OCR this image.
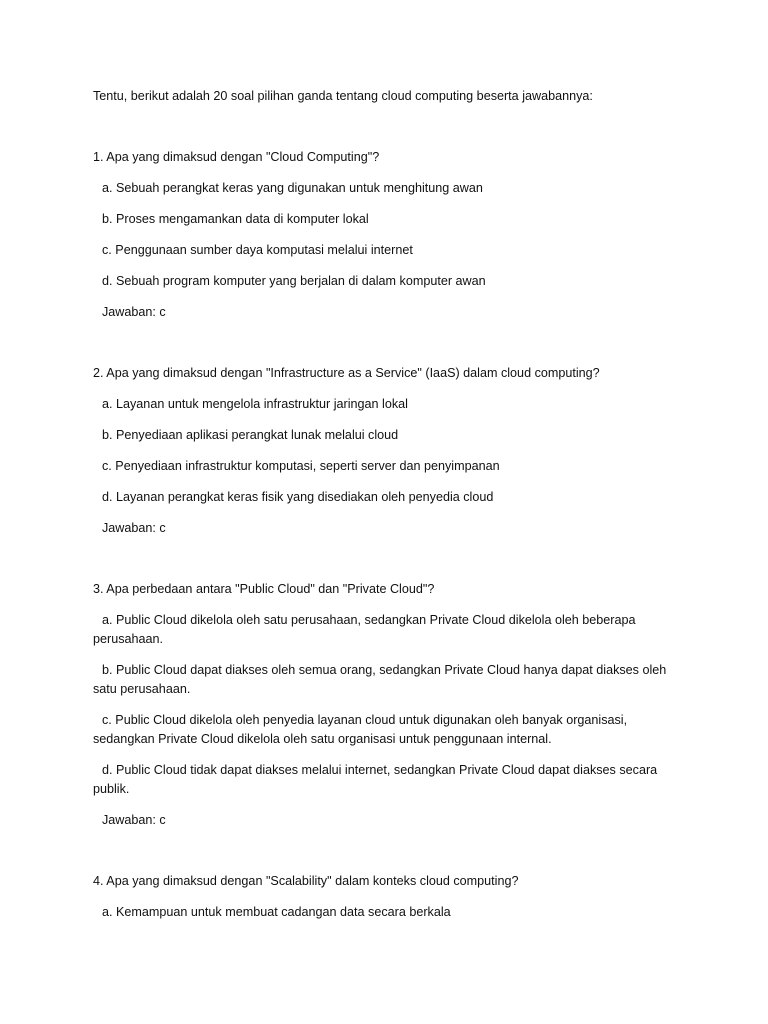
Tentu, berikut adalah 20 soal pilihan ganda tentang cloud computing beserta jawabannya:

1. Apa yang dimaksud dengan "Cloud Computing"?

a. Sebuah perangkat keras yang digunakan untuk menghitung awan

b. Proses mengamankan data di komputer lokal

c. Penggunaan sumber daya komputasi melalui internet

d. Sebuah program komputer yang berjalan di dalam komputer awan

Jawaban: c

2. Apa yang dimaksud dengan "Infrastructure as a Service" (IaaS) dalam cloud computing?

a. Layanan untuk mengelola infrastruktur jaringan lokal

b. Penyediaan aplikasi perangkat lunak melalui cloud

c. Penyediaan infrastruktur komputasi, seperti server dan penyimpanan

d. Layanan perangkat keras fisik yang disediakan oleh penyedia cloud

Jawaban: c

3. Apa perbedaan antara "Public Cloud" dan "Private Cloud"?

a. Public Cloud dikelola oleh satu perusahaan, sedangkan Private Cloud dikelola oleh beberapa perusahaan.

b. Public Cloud dapat diakses oleh semua orang, sedangkan Private Cloud hanya dapat diakses oleh satu perusahaan.

c. Public Cloud dikelola oleh penyedia layanan cloud untuk digunakan oleh banyak organisasi, sedangkan Private Cloud dikelola oleh satu organisasi untuk penggunaan internal.

d. Public Cloud tidak dapat diakses melalui internet, sedangkan Private Cloud dapat diakses secara publik.

Jawaban: c

4. Apa yang dimaksud dengan "Scalability" dalam konteks cloud computing?

a. Kemampuan untuk membuat cadangan data secara berkala
